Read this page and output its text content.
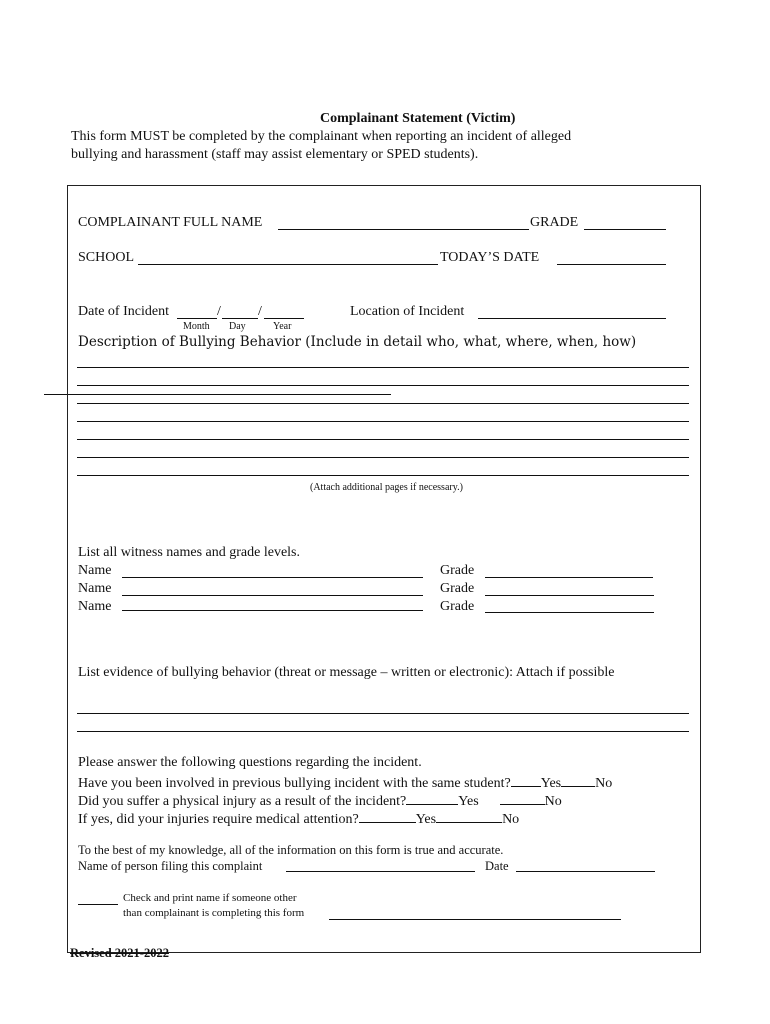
Complainant Statement (Victim)
This form MUST be completed by the complainant when reporting an incident of alleged
bullying and harassment (staff may assist elementary or SPED students).
COMPLAINANT FULL NAME	GRADE
SCHOOL	TODAY’S DATE
Date of Incident	/	/
Month Day	Year
Location of Incident
Description of Bullying Behavior (Include in detail who, what, where, when, how)
(Attach additional pages if necessary.)
List all witness names and grade levels.
Name	Grade
Name	Grade
Name	Grade
List evidence of bullying behavior (threat or message – written or electronic): Attach if possible
Please answer the following questions regarding the incident.
Have you been involved in previous bullying incident with the same student? Yes No
Did you suffer a physical injury as a result of the incident?	Yes	No
If yes, did your injuries require medical attention?	Yes	No
To the best of my knowledge, all of the information on this form is true and accurate.
Name of person filing this complaint	Date
Check and print name if someone other
than complainant is completing this form
Revised 2021-2022
